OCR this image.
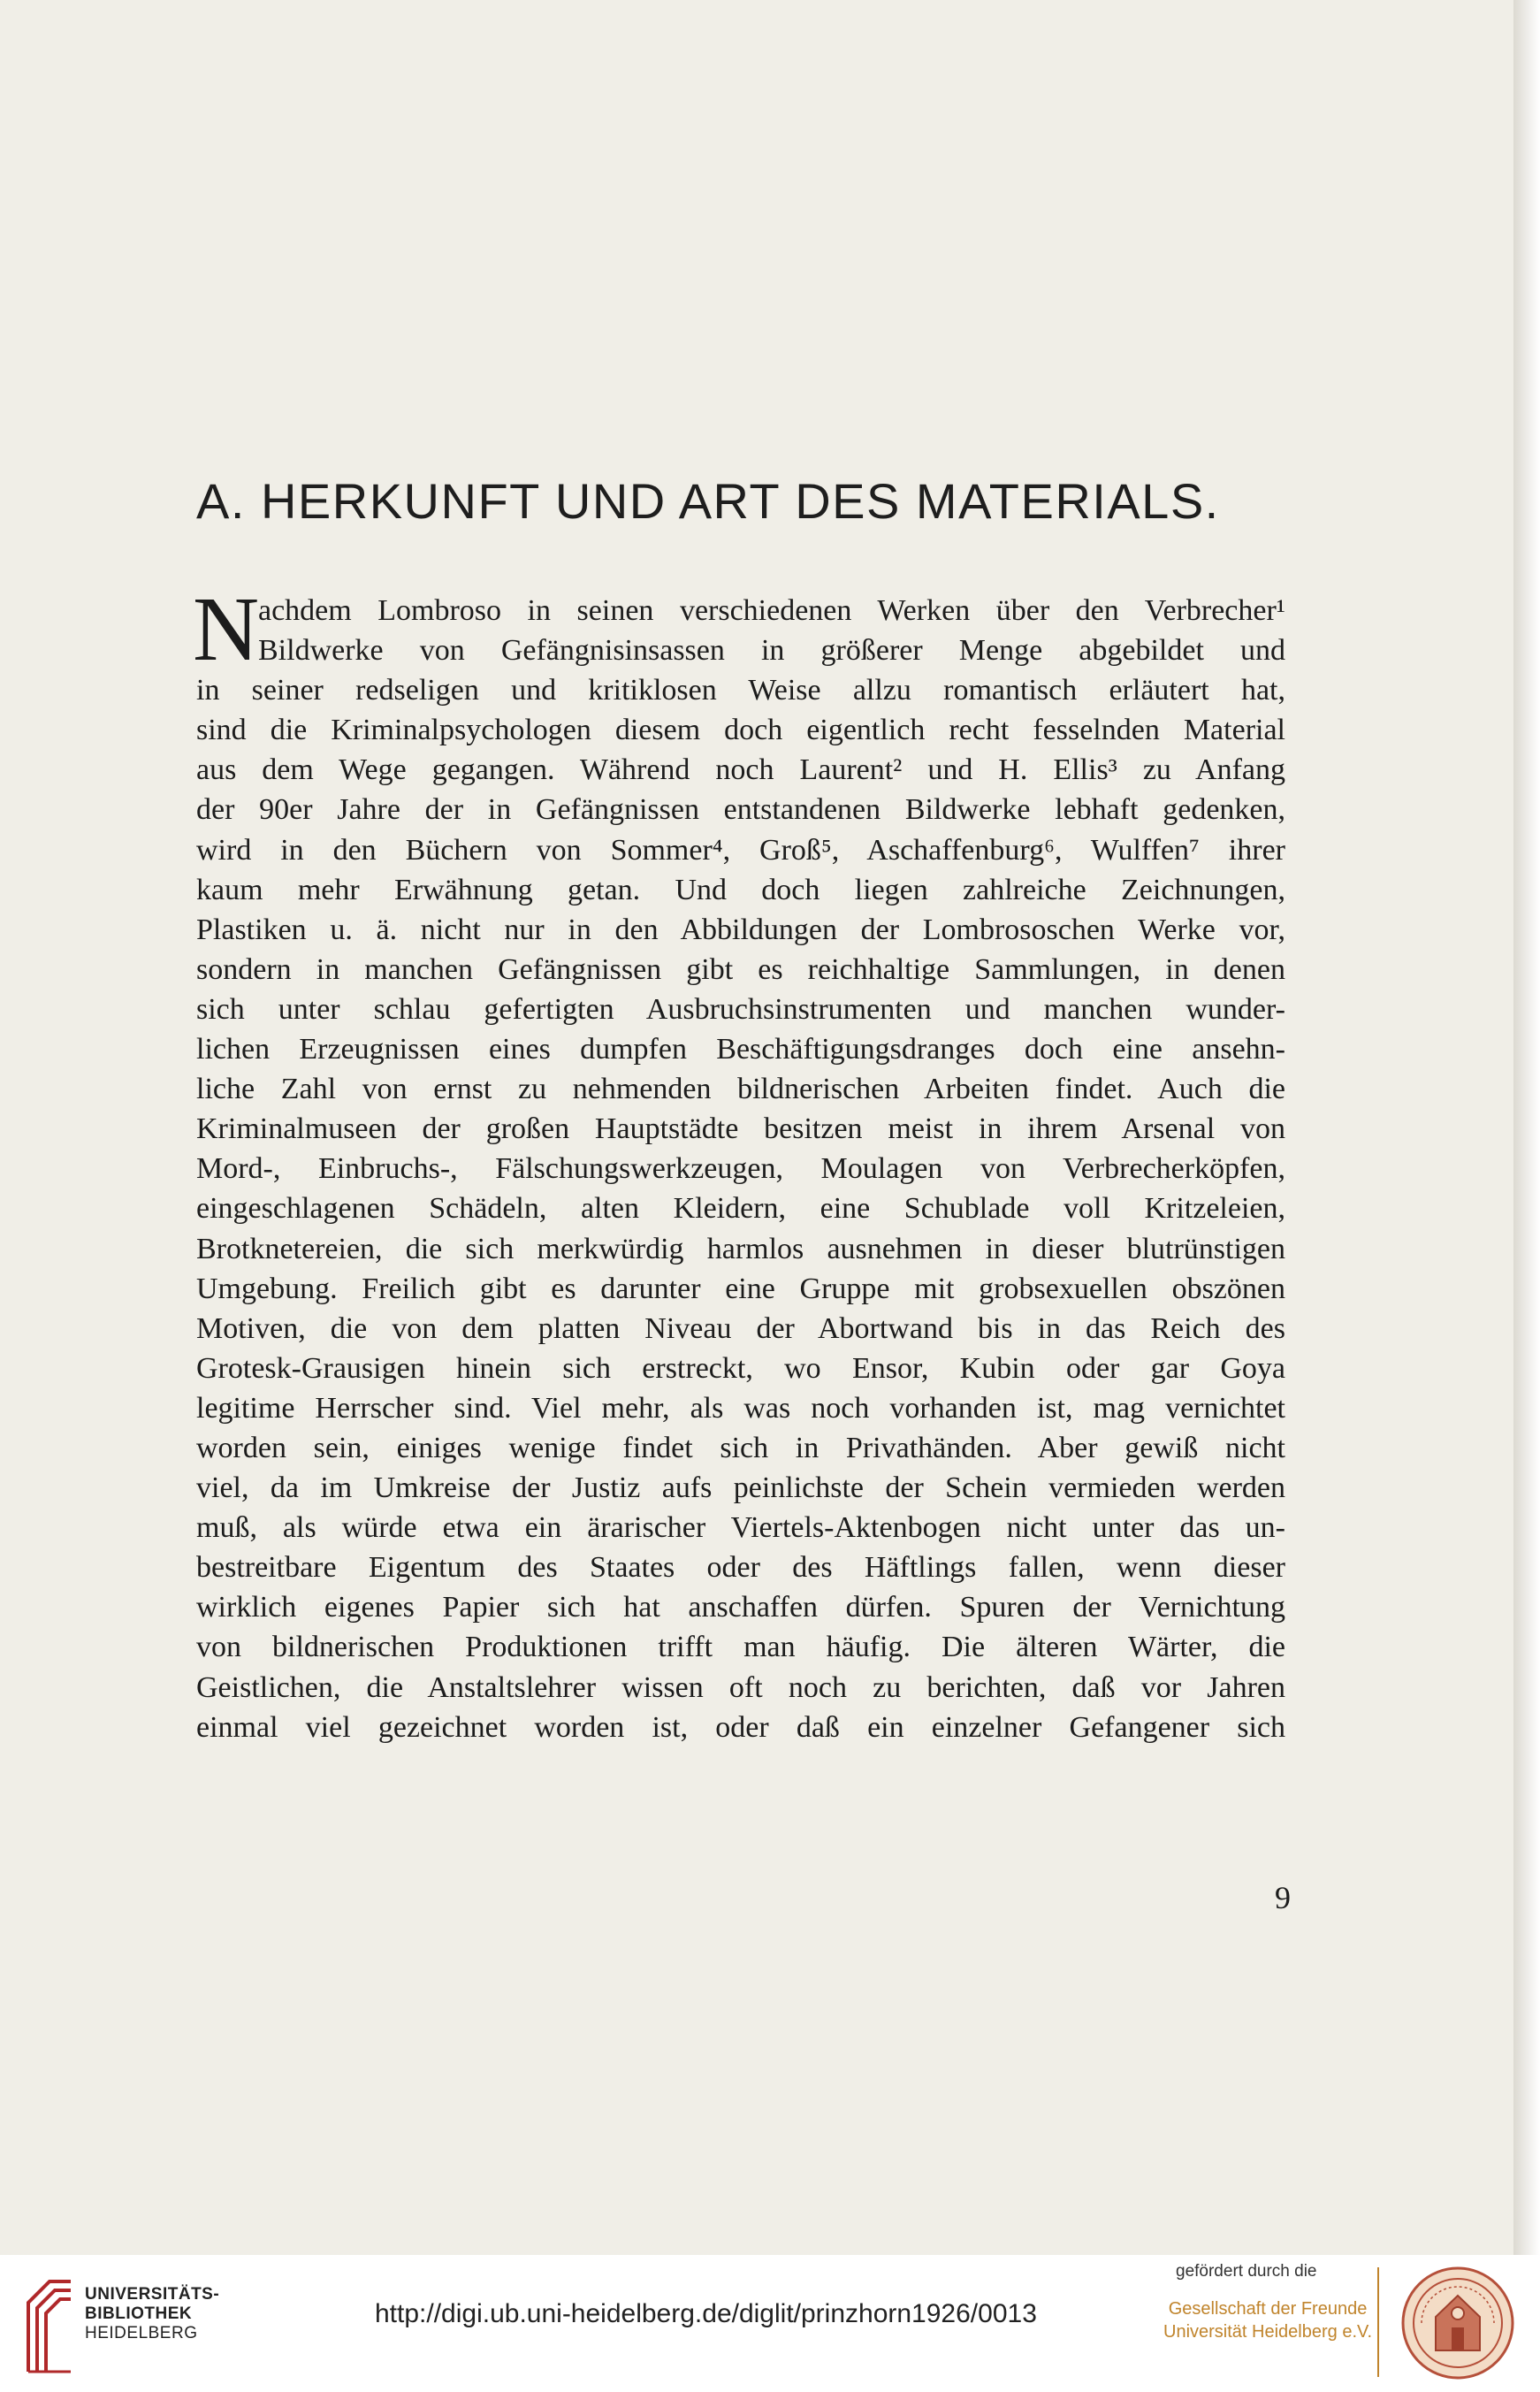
A. HERKUNFT UND ART DES MATERIALS.
N
achdem Lombroso in seinen verschiedenen Werken über den Verbrecher¹
Bildwerke von Gefängnisinsassen in größerer Menge abgebildet und
in seiner redseligen und kritiklosen Weise allzu romantisch erläutert hat,
sind die Kriminalpsychologen diesem doch eigentlich recht fesselnden Material
aus dem Wege gegangen. Während noch Laurent² und H. Ellis³ zu Anfang
der 90er Jahre der in Gefängnissen entstandenen Bildwerke lebhaft gedenken,
wird in den Büchern von Sommer⁴, Groß⁵, Aschaffenburg⁶, Wulffen⁷ ihrer
kaum mehr Erwähnung getan. Und doch liegen zahlreiche Zeichnungen,
Plastiken u. ä. nicht nur in den Abbildungen der Lombrososchen Werke vor,
sondern in manchen Gefängnissen gibt es reichhaltige Sammlungen, in denen
sich unter schlau gefertigten Ausbruchsinstrumenten und manchen wunder-
lichen Erzeugnissen eines dumpfen Beschäftigungsdranges doch eine ansehn-
liche Zahl von ernst zu nehmenden bildnerischen Arbeiten findet. Auch die
Kriminalmuseen der großen Hauptstädte besitzen meist in ihrem Arsenal von
Mord-, Einbruchs-, Fälschungswerkzeugen, Moulagen von Verbrecherköpfen,
eingeschlagenen Schädeln, alten Kleidern, eine Schublade voll Kritzeleien,
Brotknetereien, die sich merkwürdig harmlos ausnehmen in dieser blutrünstigen
Umgebung. Freilich gibt es darunter eine Gruppe mit grobsexuellen obszönen
Motiven, die von dem platten Niveau der Abortwand bis in das Reich des
Grotesk-Grausigen hinein sich erstreckt, wo Ensor, Kubin oder gar Goya
legitime Herrscher sind. Viel mehr, als was noch vorhanden ist, mag vernichtet
worden sein, einiges wenige findet sich in Privathänden. Aber gewiß nicht
viel, da im Umkreise der Justiz aufs peinlichste der Schein vermieden werden
muß, als würde etwa ein ärarischer Viertels-Aktenbogen nicht unter das un-
bestreitbare Eigentum des Staates oder des Häftlings fallen, wenn dieser
wirklich eigenes Papier sich hat anschaffen dürfen. Spuren der Vernichtung
von bildnerischen Produktionen trifft man häufig. Die älteren Wärter, die
Geistlichen, die Anstaltslehrer wissen oft noch zu berichten, daß vor Jahren
einmal viel gezeichnet worden ist, oder daß ein einzelner Gefangener sich
9
UNIVERSITÄTS-
BIBLIOTHEK
HEIDELBERG
http://digi.ub.uni-heidelberg.de/diglit/prinzhorn1926/0013
gefördert durch die
Gesellschaft der Freunde
Universität Heidelberg e.V.
